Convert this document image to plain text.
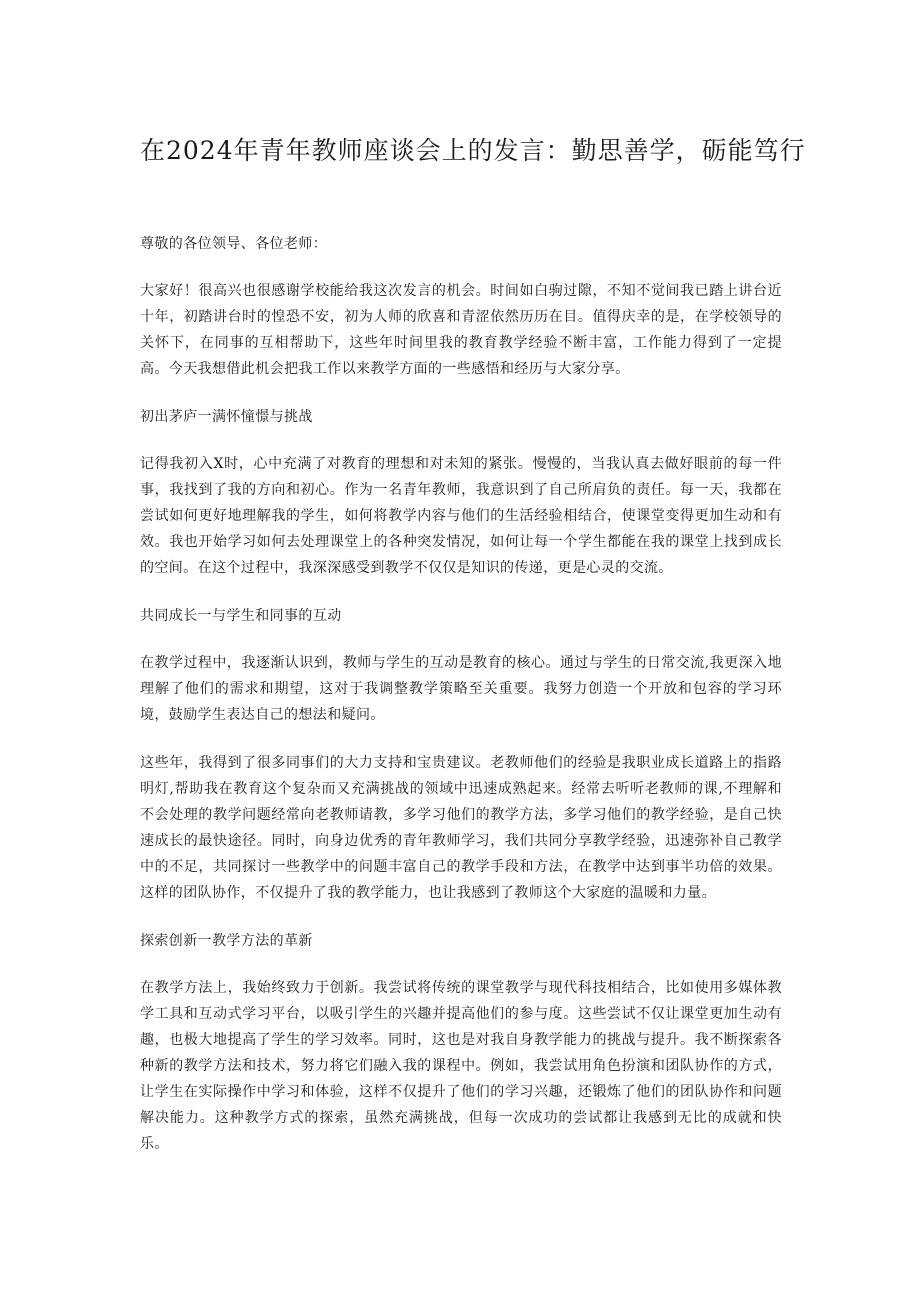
在2024年青年教师座谈会上的发言：勤思善学，砺能笃行

尊敬的各位领导、各位老师：

大家好！很高兴也很感谢学校能给我这次发言的机会。时间如白驹过隙，不知不觉间我已踏上讲台近十年，初踏讲台时的惶恐不安，初为人师的欣喜和青涩依然历历在目。值得庆幸的是，在学校领导的关怀下，在同事的互相帮助下，这些年时间里我的教育教学经验不断丰富，工作能力得到了一定提高。今天我想借此机会把我工作以来教学方面的一些感悟和经历与大家分享。

初出茅庐一满怀憧憬与挑战

记得我初入X时，心中充满了对教育的理想和对未知的紧张。慢慢的，当我认真去做好眼前的每一件事，我找到了我的方向和初心。作为一名青年教师，我意识到了自己所肩负的责任。每一天，我都在尝试如何更好地理解我的学生，如何将教学内容与他们的生活经验相结合，使课堂变得更加生动和有效。我也开始学习如何去处理课堂上的各种突发情况，如何让每一个学生都能在我的课堂上找到成长的空间。在这个过程中，我深深感受到教学不仅仅是知识的传递，更是心灵的交流。

共同成长一与学生和同事的互动

在教学过程中，我逐渐认识到，教师与学生的互动是教育的核心。通过与学生的日常交流,我更深入地理解了他们的需求和期望，这对于我调整教学策略至关重要。我努力创造一个开放和包容的学习环境，鼓励学生表达自己的想法和疑问。

这些年，我得到了很多同事们的大力支持和宝贵建议。老教师他们的经验是我职业成长道路上的指路明灯,帮助我在教育这个复杂而又充满挑战的领域中迅速成熟起来。经常去听听老教师的课,不理解和不会处理的教学问题经常向老教师请教，多学习他们的教学方法，多学习他们的教学经验，是自己快速成长的最快途径。同时，向身边优秀的青年教师学习，我们共同分享教学经验，迅速弥补自己教学中的不足，共同探讨一些教学中的问题丰富自己的教学手段和方法，在教学中达到事半功倍的效果。这样的团队协作，不仅提升了我的教学能力，也让我感到了教师这个大家庭的温暖和力量。

探索创新一教学方法的革新

在教学方法上，我始终致力于创新。我尝试将传统的课堂教学与现代科技相结合，比如使用多媒体教学工具和互动式学习平台，以吸引学生的兴趣并提高他们的参与度。这些尝试不仅让课堂更加生动有趣，也极大地提高了学生的学习效率。同时，这也是对我自身教学能力的挑战与提升。我不断探索各种新的教学方法和技术，努力将它们融入我的课程中。例如，我尝试用角色扮演和团队协作的方式，让学生在实际操作中学习和体验，这样不仅提升了他们的学习兴趣，还锻炼了他们的团队协作和问题解决能力。这种教学方式的探索，虽然充满挑战，但每一次成功的尝试都让我感到无比的成就和快乐。
